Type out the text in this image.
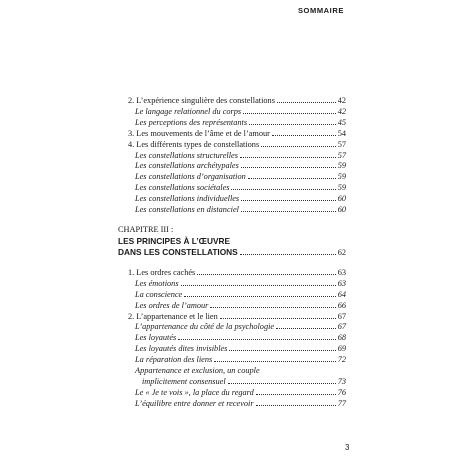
SOMMAIRE
2. L’expérience singulière des constellations	42
Le langage relationnel du corps	42
Les perceptions des représentants	45
3. Les mouvements de l’âme et de l’amour	54
4. Les différents types de constellations	57
Les constellations structurelles	57
Les constellations archétypales	59
Les constellations d’organisation	59
Les constellations sociétales	59
Les constellations individuelles	60
Les constellations en distanciel	60
CHAPITRE III :
LES PRINCIPES À L’ŒUVRE
DANS LES CONSTELLATIONS	62
1. Les ordres cachés	63
Les émotions	63
La conscience	64
Les ordres de l’amour	66
2. L’appartenance et le lien	67
L’appartenance du côté de la psychologie	67
Les loyautés	68
Les loyautés dites invisibles	69
La réparation des liens	72
Appartenance et exclusion, un couple
implicitement consensuel	73
Le « Je te vois », la place du regard	76
L’équilibre entre donner et recevoir	77
3
